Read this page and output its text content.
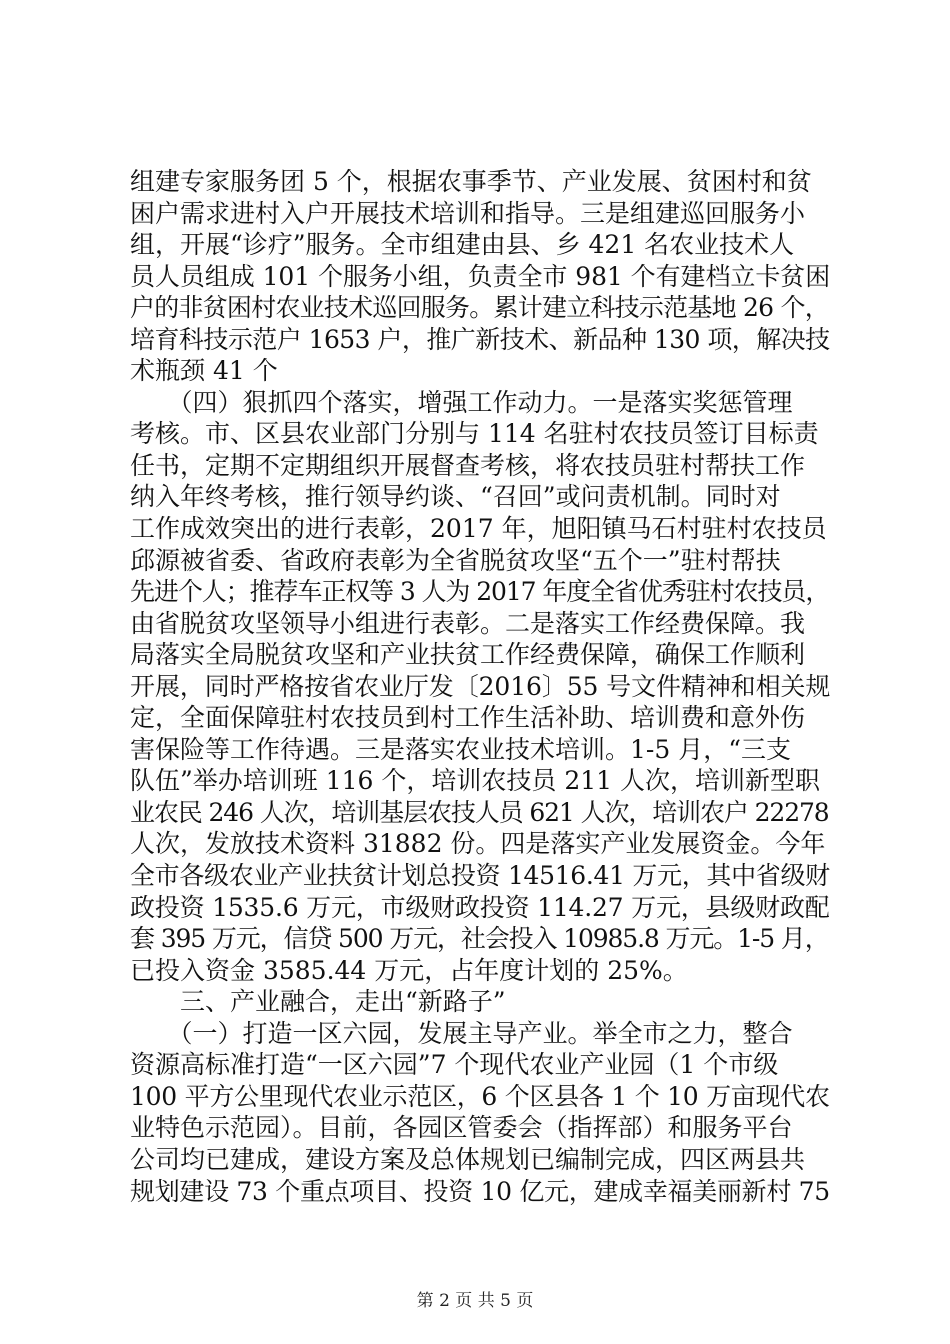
组建专家服务团 5 个，根据农事季节、产业发展、贫困村和贫
困户需求进村入户开展技术培训和指导。三是组建巡回服务小
组，开展“诊疗”服务。全市组建由县、乡 421 名农业技术人
员人员组成 101 个服务小组，负责全市 981 个有建档立卡贫困
户的非贫困村农业技术巡回服务。累计建立科技示范基地 26 个，
培育科技示范户 1653 户，推广新技术、新品种 130 项，解决技
术瓶颈 41 个
　　（四）狠抓四个落实，增强工作动力。一是落实奖惩管理
考核。市、区县农业部门分别与 114 名驻村农技员签订目标责
任书，定期不定期组织开展督查考核，将农技员驻村帮扶工作
纳入年终考核，推行领导约谈、“召回”或问责机制。同时对
工作成效突出的进行表彰，2017 年，旭阳镇马石村驻村农技员
邱源被省委、省政府表彰为全省脱贫攻坚“五个一”驻村帮扶
先进个人；推荐车正权等 3 人为 2017 年度全省优秀驻村农技员，
由省脱贫攻坚领导小组进行表彰。二是落实工作经费保障。我
局落实全局脱贫攻坚和产业扶贫工作经费保障，确保工作顺利
开展，同时严格按省农业厅发〔2016〕55 号文件精神和相关规
定，全面保障驻村农技员到村工作生活补助、培训费和意外伤
害保险等工作待遇。三是落实农业技术培训。1-5 月，“三支
队伍”举办培训班 116 个，培训农技员 211 人次，培训新型职
业农民 246 人次，培训基层农技人员 621 人次，培训农户 22278
人次，发放技术资料 31882 份。四是落实产业发展资金。今年
全市各级农业产业扶贫计划总投资 14516.41 万元，其中省级财
政投资 1535.6 万元，市级财政投资 114.27 万元，县级财政配
套 395 万元，信贷 500 万元，社会投入 10985.8 万元。1-5 月，
已投入资金 3585.44 万元，占年度计划的 25%。
　　三、产业融合，走出“新路子”
　　（一）打造一区六园，发展主导产业。举全市之力，整合
资源高标准打造“一区六园”7 个现代农业产业园（1 个市级
100 平方公里现代农业示范区，6 个区县各 1 个 10 万亩现代农
业特色示范园）。目前，各园区管委会（指挥部）和服务平台
公司均已建成，建设方案及总体规划已编制完成，四区两县共
规划建设 73 个重点项目、投资 10 亿元，建成幸福美丽新村 75
第 2 页 共 5 页
